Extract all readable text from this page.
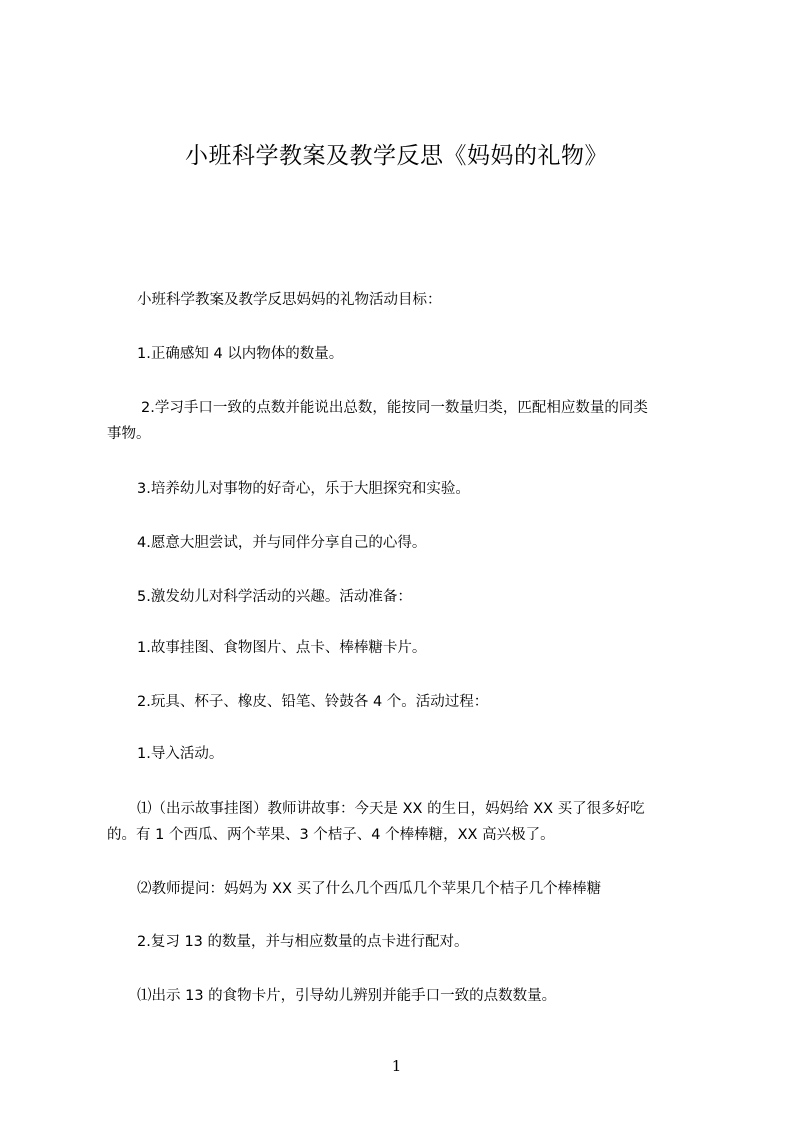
小班科学教案及教学反思《妈妈的礼物》
小班科学教案及教学反思妈妈的礼物活动目标：
1.正确感知 4 以内物体的数量。
2.学习手口一致的点数并能说出总数，能按同一数量归类，匹配相应数量的同类
事物。
3.培养幼儿对事物的好奇心，乐于大胆探究和实验。
4.愿意大胆尝试，并与同伴分享自己的心得。
5.激发幼儿对科学活动的兴趣。活动准备：
1.故事挂图、食物图片、点卡、棒棒糖卡片。
2.玩具、杯子、橡皮、铅笔、铃鼓各 4 个。活动过程：
1.导入活动。
⑴（出示故事挂图）教师讲故事：今天是 XX 的生日，妈妈给 XX 买了很多好吃
的。有 1 个西瓜、两个苹果、3 个桔子、4 个棒棒糖，XX 高兴极了。
⑵教师提问：妈妈为 XX 买了什么几个西瓜几个苹果几个桔子几个棒棒糖
2.复习 13 的数量，并与相应数量的点卡进行配对。
⑴出示 13 的食物卡片，引导幼儿辨别并能手口一致的点数数量。
1
